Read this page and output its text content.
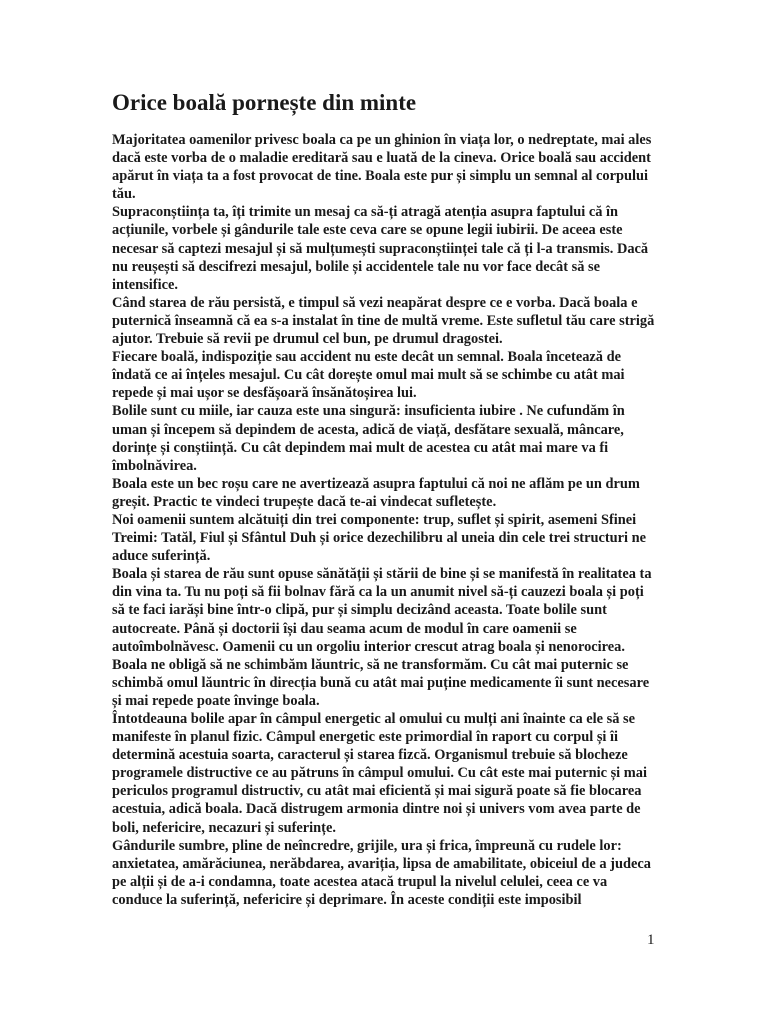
Orice boală pornește din minte

Majoritatea oamenilor privesc boala ca pe un ghinion în viața lor, o nedreptate, mai ales dacă este vorba de o maladie ereditară sau e luată de la cineva. Orice boală sau accident apărut în viața ta a fost provocat de tine. Boala este pur și simplu un semnal al corpului tău.

Supraconștiința ta, îți trimite un mesaj ca să-ți atragă atenția asupra faptului că în acțiunile, vorbele și gândurile tale este ceva care se opune legii iubirii. De aceea este necesar să captezi mesajul și să mulțumești supraconștiinței tale că ți l-a transmis. Dacă nu reușești să descifrezi mesajul, bolile și accidentele tale nu vor face decât să se intensifice.

Când starea de rău persistă, e timpul să vezi neapărat despre ce e vorba. Dacă boala e puternică înseamnă că ea s-a instalat în tine de multă vreme. Este sufletul tău care strigă ajutor. Trebuie să revii pe drumul cel bun, pe drumul dragostei.

Fiecare boală, indispoziție sau accident nu este decât un semnal. Boala încetează de îndată ce ai înțeles mesajul. Cu cât dorește omul mai mult să se schimbe cu atât mai repede și mai ușor se desfășoară însănătoșirea lui.

Bolile sunt cu miile, iar cauza este una singură: insuficienta iubire . Ne cufundăm în uman și începem să depindem de acesta, adică de viață, desfătare sexuală, mâncare, dorințe și conștiință. Cu cât depindem mai mult de acestea cu atât mai mare va fi îmbolnăvirea.

Boala este un bec roșu care ne avertizează asupra faptului că noi ne aflăm pe un drum greșit. Practic te vindeci trupește dacă te-ai vindecat sufletește.

Noi oamenii suntem alcătuiți din trei componente: trup, suflet și spirit, asemeni Sfinei Treimi: Tatăl, Fiul și Sfântul Duh și orice dezechilibru al uneia din cele trei structuri ne aduce suferință.

Boala și starea de rău sunt opuse sănătății și stării de bine și se manifestă în realitatea ta din vina ta. Tu nu poți să fii bolnav fără ca la un anumit nivel să-ți cauzezi boala și poți să te faci iarăși bine într-o clipă, pur și simplu decizând aceasta. Toate bolile sunt autocreate. Până și doctorii își dau seama acum de modul în care oamenii se autoîmbolnăvesc. Oamenii cu un orgoliu interior crescut atrag boala și nenorocirea.

Boala ne obligă să ne schimbăm lăuntric, să ne transformăm. Cu cât mai puternic se schimbă omul lăuntric în direcția bună cu atât mai puține medicamente îi sunt necesare și mai repede poate învinge boala.

Întotdeauna bolile apar în câmpul energetic al omului cu mulți ani înainte ca ele să se manifeste în planul fizic. Câmpul energetic este primordial în raport cu corpul și îi determină acestuia soarta, caracterul și starea fizcă. Organismul trebuie să blocheze programele distructive ce au pătruns în câmpul omului. Cu cât este mai puternic și mai periculos programul distructiv, cu atât mai eficientă și mai sigură poate să fie blocarea acestuia, adică boala. Dacă distrugem armonia dintre noi și univers vom avea parte de boli, nefericire, necazuri și suferințe.

Gândurile sumbre, pline de neîncredre, grijile, ura și frica, împreună cu rudele lor: anxietatea, amărăciunea, nerăbdarea, avariția, lipsa de amabilitate, obiceiul de a judeca pe alții și de a-i condamna, toate acestea atacă trupul la nivelul celulei, ceea ce va conduce la suferință, nefericire și deprimare. În aceste condiții este imposibil

1
